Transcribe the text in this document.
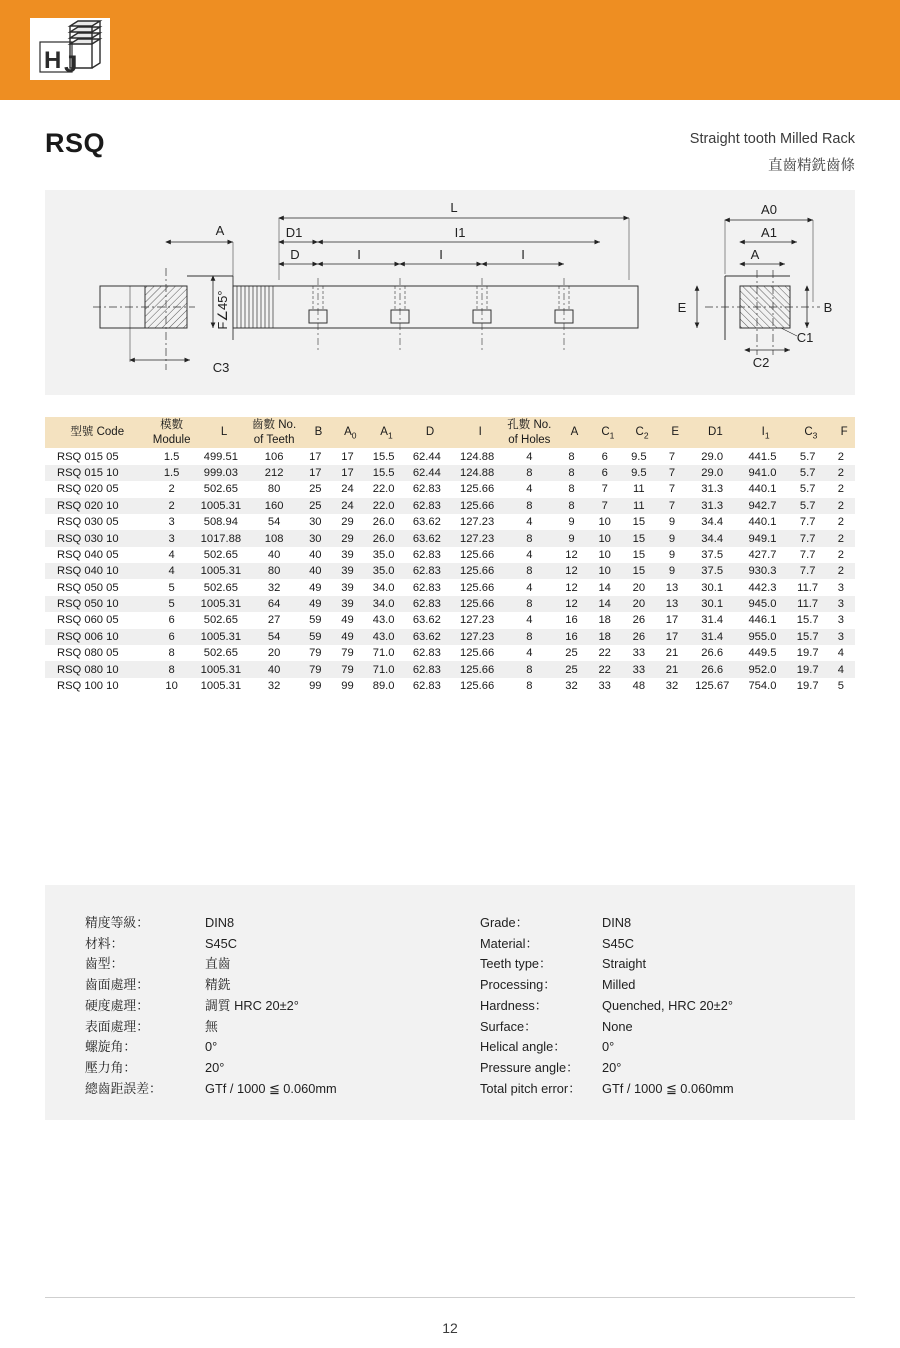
H J
RSQ	Straight tooth Milled Rack
直齒精銑齒條
L
I1
D1
D	I	I	I
A
A0
A1
A
B
E
C1
C2
C3
F∠45°
型號 Code	模數 Module	L	齒數 No. of Teeth	B	$A_0$	$A_1$	D	I	孔數 No. of Holes	A	$C_1$	$C_2$	E	D1	$I_1$	$C_3$	F
RSQ 015 05	1.5	499.51	106	17	17	15.5	62.44	124.88	4	8	6	9.5	7	29.0	441.5	5.7	2
RSQ 015 10	1.5	999.03	212	17	17	15.5	62.44	124.88	8	8	6	9.5	7	29.0	941.0	5.7	2
RSQ 020 05	2	502.65	80	25	24	22.0	62.83	125.66	4	8	7	11	7	31.3	440.1	5.7	2
RSQ 020 10	2	1005.31	160	25	24	22.0	62.83	125.66	8	8	7	11	7	31.3	942.7	5.7	2
RSQ 030 05	3	508.94	54	30	29	26.0	63.62	127.23	4	9	10	15	9	34.4	440.1	7.7	2
RSQ 030 10	3	1017.88	108	30	29	26.0	63.62	127.23	8	9	10	15	9	34.4	949.1	7.7	2
RSQ 040 05	4	502.65	40	40	39	35.0	62.83	125.66	4	12	10	15	9	37.5	427.7	7.7	2
RSQ 040 10	4	1005.31	80	40	39	35.0	62.83	125.66	8	12	10	15	9	37.5	930.3	7.7	2
RSQ 050 05	5	502.65	32	49	39	34.0	62.83	125.66	4	12	14	20	13	30.1	442.3	11.7	3
RSQ 050 10	5	1005.31	64	49	39	34.0	62.83	125.66	8	12	14	20	13	30.1	945.0	11.7	3
RSQ 060 05	6	502.65	27	59	49	43.0	63.62	127.23	4	16	18	26	17	31.4	446.1	15.7	3
RSQ 006 10	6	1005.31	54	59	49	43.0	63.62	127.23	8	16	18	26	17	31.4	955.0	15.7	3
RSQ 080 05	8	502.65	20	79	79	71.0	62.83	125.66	4	25	22	33	21	26.6	449.5	19.7	4
RSQ 080 10	8	1005.31	40	79	79	71.0	62.83	125.66	8	25	22	33	21	26.6	952.0	19.7	4
RSQ 100 10	10	1005.31	32	99	99	89.0	62.83	125.66	8	32	33	48	32	125.67	754.0	19.7	5
精度等級：	DIN8
材料：	S45C
齒型：	直齒
齒面處理：	精銑
硬度處理：	調質 HRC 20±2°
表面處理：	無
螺旋角：	0°
壓力角：	20°
總齒距誤差：	GTf / 1000 ≦ 0.060mm
Grade：	DIN8
Material：	S45C
Teeth type：	Straight
Processing：	Milled
Hardness：	Quenched, HRC 20±2°
Surface：	None
Helical angle：	0°
Pressure angle：	20°
Total pitch error：	GTf / 1000 ≦ 0.060mm
12
